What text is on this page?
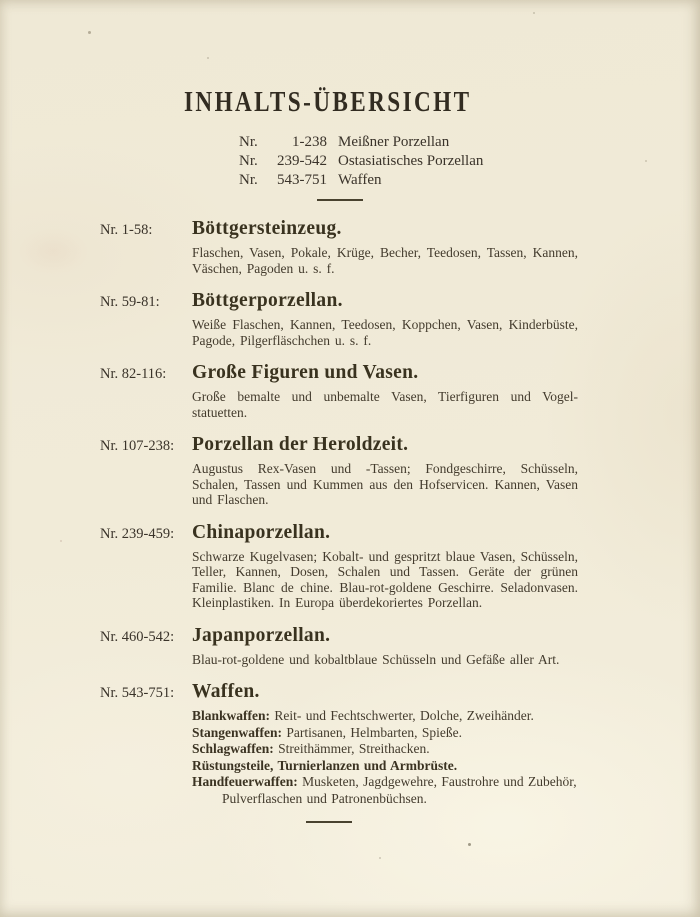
INHALTS-ÜBERSICHT
Nr.	1-238 Meißner Porzellan
Nr.	239-542 Ostasiatisches Porzellan
Nr.	543-751 Waffen
Nr. 1-58:	Böttgersteinzeug.

Flaschen, Vasen, Pokale, Krüge, Becher, Teedosen, Tassen, Kannen, Väschen, Pagoden u. s. f.

Nr. 59-81:	Böttgerporzellan.

Weiße Flaschen, Kannen, Teedosen, Koppchen, Vasen, Kinderbüste, Pagode, Pilgerfläschchen u. s. f.

Nr. 82-116:	Große Figuren und Vasen.

Große bemalte und unbemalte Vasen, Tierfiguren und Vogelstatuetten.

Nr. 107-238: Porzellan der Heroldzeit.

Augustus Rex-Vasen und -Tassen; Fondgeschirre, Schüsseln, Schalen, Tassen und Kummen aus den Hofservicen. Kannen, Vasen und Flaschen.

Nr. 239-459: Chinaporzellan.

Schwarze Kugelvasen; Kobalt- und gespritzt blaue Vasen, Schüsseln, Teller, Kannen, Dosen, Schalen und Tassen. Geräte der grünen Familie. Blanc de chine. Blau-rot-goldene Geschirre. Seladonvasen. Kleinplastiken. In Europa überdekoriertes Porzellan.

Nr. 460-542: Japanporzellan.

Blau-rot-goldene und kobaltblaue Schüsseln und Gefäße aller Art.

Nr. 543-751: Waffen.
Blankwaffen: Reit- und Fechtschwerter, Dolche, Zweihänder.
Stangenwaffen: Partisanen, Helmbarten, Spieße.
Schlagwaffen: Streithämmer, Streithacken.
Rüstungsteile, Turnierlanzen und Armbrüste.
Handfeuerwaffen: Musketen, Jagdgewehre, Faustrohre und Zubehör, Pulverflaschen und Patronenbüchsen.
